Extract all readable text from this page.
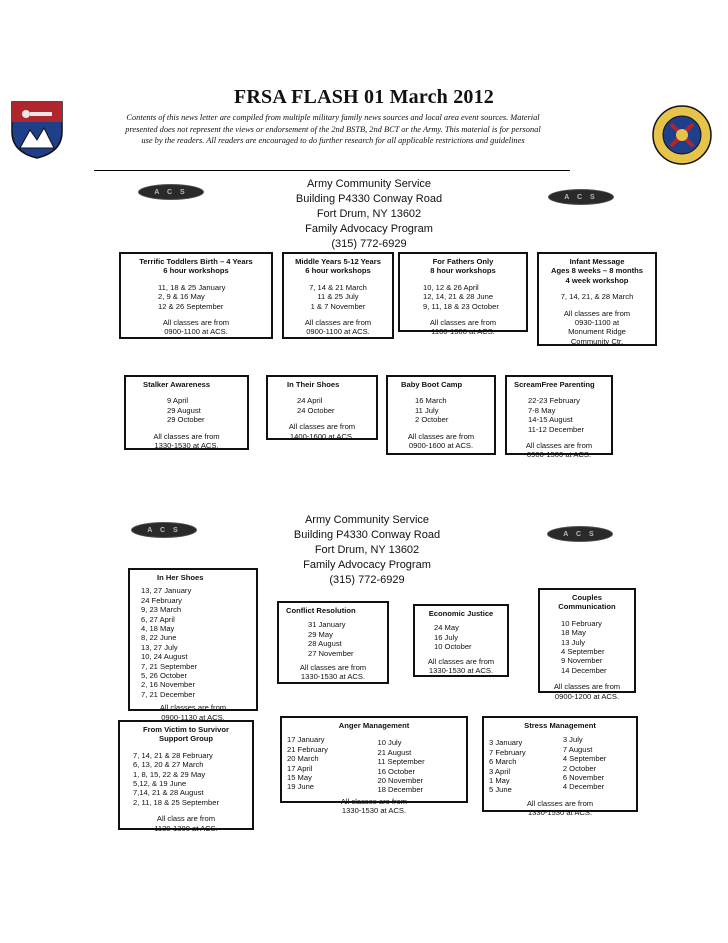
FRSA FLASH 01 March 2012
Contents of this news letter are compiled from multiple military family news sources and local area event sources. Material
presented does not represent the views or endorsement of the 2nd BSTB, 2nd BCT or the Army. This material is for personal
use by the readers. All readers are encouraged to do further research for all applicable restrictions and guidelines
A C S
A C S
Army Community Service
Building P4330 Conway Road
Fort Drum, NY 13602
Family Advocacy Program
(315) 772-6929

Terrific Toddlers Birth – 4 Years

6 hour workshops

11, 18 & 25 January

2, 9 & 16 May

12 & 26 September

All classes are from

0900-1100 at ACS.

Middle Years 5-12 Years

6 hour workshops

7, 14 & 21 March

11 & 25 July

1 & 7 November

All classes are from

0900-1100 at ACS.

For Fathers Only

8 hour workshops

10, 12 & 26 April

12, 14, 21 & 28 June

9, 11, 18 & 23 October

All classes are from

1100-1300 at ACS.

Infant Message

Ages 8 weeks – 8 months

4 week workshop

7, 14, 21, & 28 March

All classes are from

0930-1100 at

Monument Ridge

Community Ctr.

Stalker Awareness

9 April

29 August

29 October

All classes are from

1330-1530 at ACS.

In Their Shoes

24 April

24 October

All classes are from

1400-1600 at ACS.

Baby Boot Camp

16 March

11 July

2 October

All classes are from

0900-1600 at ACS.

ScreamFree Parenting

22-23 February

7-8 May

14-15 August

11-12 December

All classes are from

0900-1500 at ACS.

A C S
A C S
Army Community Service
Building P4330 Conway Road
Fort Drum, NY 13602
Family Advocacy Program
(315) 772-6929

In Her Shoes

13, 27 January

24 February

9, 23 March

6, 27 April

4, 18 May

8, 22 June

13, 27 July

10, 24 August

7, 21 September

5, 26 October

2, 16 November

7, 21 December

All classes are from

0900-1130 at ACS.

Conflict Resolution

31 January

29 May

28 August

27 November

All classes are from

1330-1530 at ACS.

Economic Justice

24 May

16 July

10 October

All classes are from

1330-1530 at ACS.

Couples

Communication

10 February

18 May

13 July

4 September

9 November

14 December

All classes are from

0900-1200 at ACS.

From Victim to Survivor

Support Group

7, 14, 21 & 28 February

6, 13, 20 & 27 March

1, 8, 15, 22 & 29 May

5,12, & 19 June

7,14, 21 & 28 August

2, 11, 18 & 25 September

All class are from

1130-1300 at ACS.

Anger Management

17 January

21 February

20 March

17 April

15 May

19 June

10 July

21 August

11 September

16 October

20 November

18 December

All classes are from

1330-1530 at ACS.

Stress Management

3 January

7 February

6 March

3 April

1 May

5 June

3 July

7 August

4 September

2 October

6 November

4 December

All classes are from

1330-1530 at ACS.
